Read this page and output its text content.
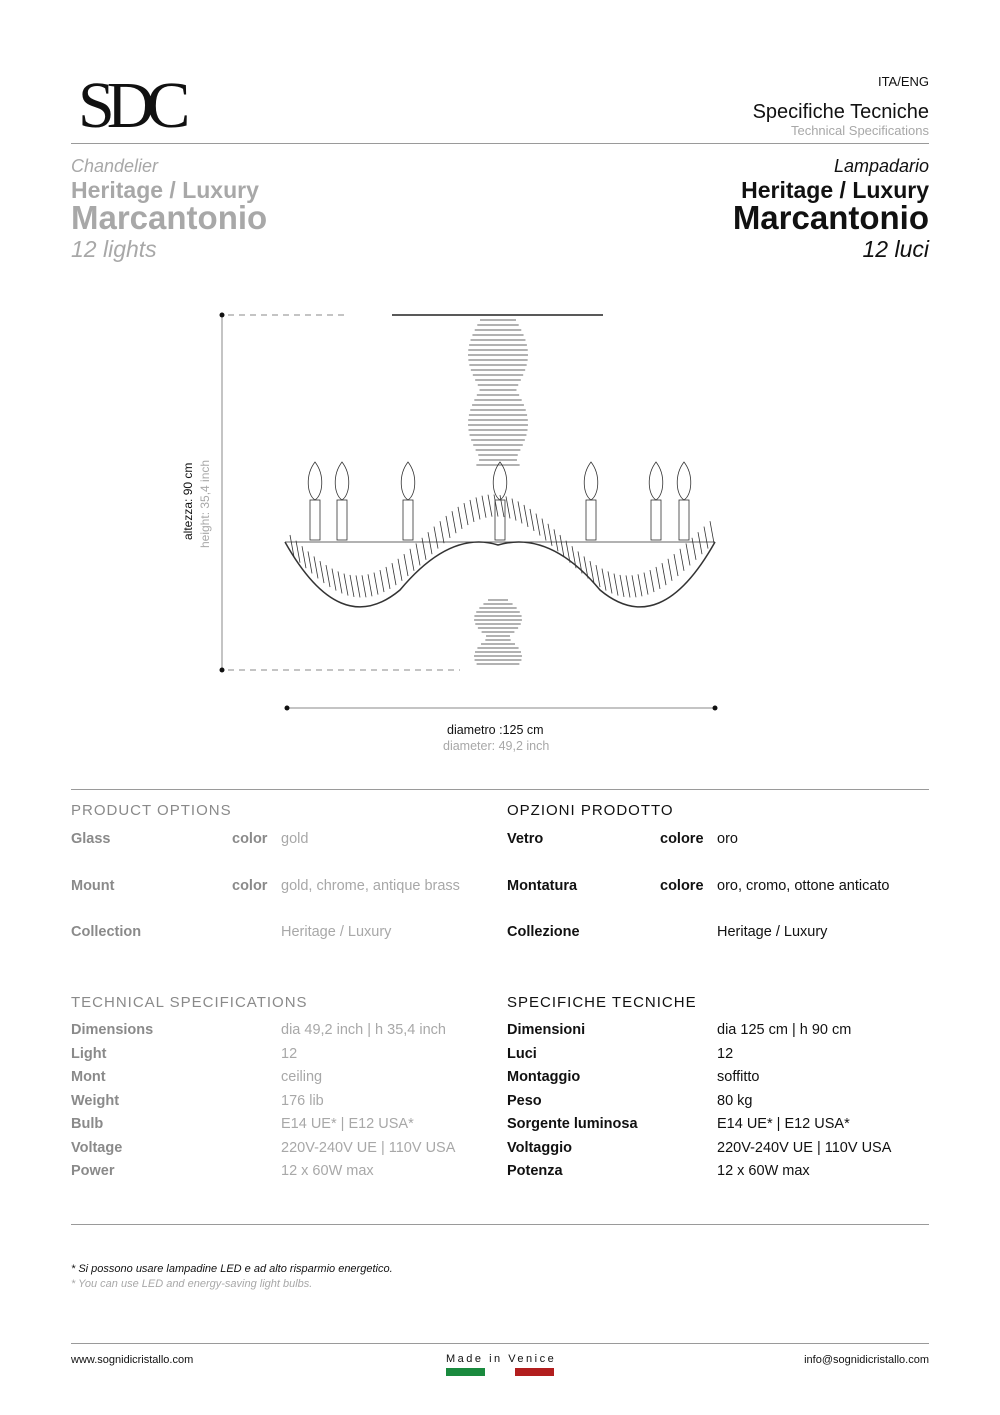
SDC	ITA/ENG
Specifiche Tecniche
Technical Specifications
Chandelier
Heritage / Luxury
Marcantonio
12 lights
Lampadario
Heritage / Luxury
Marcantonio
12 luci
altezza: 90 cm height: 35,4 inch
diametro :125 cm
diameter: 49,2 inch
PRODUCT OPTIONS	OPZIONI PRODOTTO
Glass	color gold	Vetro	colore oro
Mount	color gold, chrome, antique brass	Montatura	colore oro, cromo, ottone anticato
Collection	Heritage / Luxury	Collezione	Heritage / Luxury
TECHNICAL SPECIFICATIONS	SPECIFICHE TECNICHE
Dimensions	dia 49,2 inch | h 35,4 inch	Dimensioni	dia 125 cm | h 90 cm
Light	12	Luci	12
Mont	ceiling	Montaggio	soffitto
Weight	176 lib	Peso	80 kg
Bulb	E14 UE* | E12 USA*	Sorgente luminosa	E14 UE* | E12 USA*
Voltage	220V-240V UE | 110V USA	Voltaggio	220V-240V UE | 110V USA
Power	12 x 60W max	Potenza	12 x 60W max
* Si possono usare lampadine LED e ad alto risparmio energetico.
* You can use LED and energy-saving light bulbs.
www.sognidicristallo.com	Made in Venice	info@sognidicristallo.com
